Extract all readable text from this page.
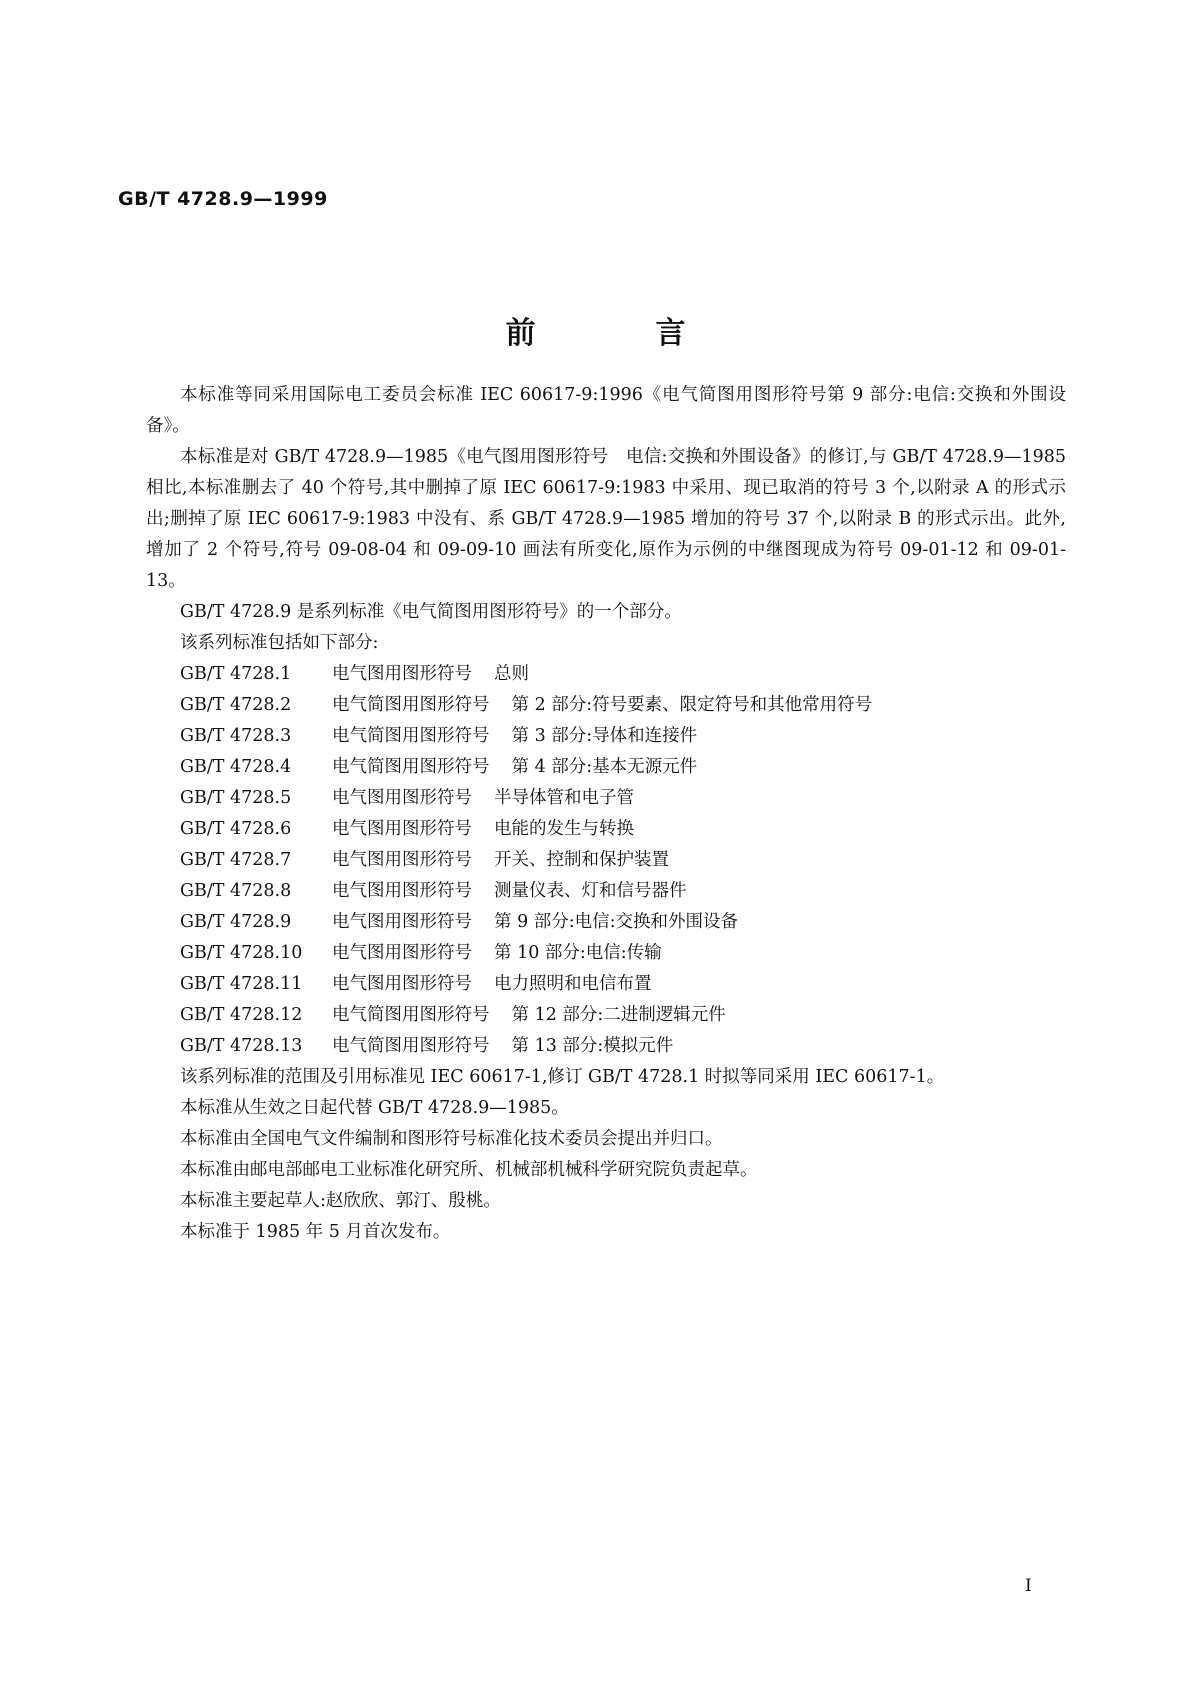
GB/T 4728.9—1999
前言

本标准等同采用国际电工委员会标准 IEC 60617-9:1996《电气简图用图形符号第 9 部分:电信:交换和外围设备》。

本标准是对 GB/T 4728.9—1985《电气图用图形符号　电信:交换和外围设备》的修订,与 GB/T 4728.9—1985 相比,本标准删去了 40 个符号,其中删掉了原 IEC 60617-9:1983 中采用、现已取消的符号 3 个,以附录 A 的形式示出;删掉了原 IEC 60617-9:1983 中没有、系 GB/T 4728.9—1985 增加的符号 37 个,以附录 B 的形式示出。此外,增加了 2 个符号,符号 09-08-04 和 09-09-10 画法有所变化,原作为示例的中继图现成为符号 09-01-12 和 09-01-13。

GB/T 4728.9 是系列标准《电气简图用图形符号》的一个部分。

该系列标准包括如下部分:

GB/T 4728.1	电气图用图形符号 总则
GB/T 4728.2	电气简图用图形符号 第 2 部分:符号要素、限定符号和其他常用符号
GB/T 4728.3	电气简图用图形符号 第 3 部分:导体和连接件
GB/T 4728.4	电气简图用图形符号 第 4 部分:基本无源元件
GB/T 4728.5	电气图用图形符号 半导体管和电子管
GB/T 4728.6	电气图用图形符号 电能的发生与转换
GB/T 4728.7	电气图用图形符号 开关、控制和保护装置
GB/T 4728.8	电气图用图形符号 测量仪表、灯和信号器件
GB/T 4728.9	电气图用图形符号 第 9 部分:电信:交换和外围设备
GB/T 4728.10	电气图用图形符号 第 10 部分:电信:传输
GB/T 4728.11	电气图用图形符号 电力照明和电信布置
GB/T 4728.12	电气简图用图形符号 第 12 部分:二进制逻辑元件
GB/T 4728.13	电气简图用图形符号 第 13 部分:模拟元件

该系列标准的范围及引用标准见 IEC 60617-1,修订 GB/T 4728.1 时拟等同采用 IEC 60617-1。

本标准从生效之日起代替 GB/T 4728.9—1985。

本标准由全国电气文件编制和图形符号标准化技术委员会提出并归口。

本标准由邮电部邮电工业标准化研究所、机械部机械科学研究院负责起草。

本标准主要起草人:赵欣欣、郭汀、殷桃。

本标准于 1985 年 5 月首次发布。

I
